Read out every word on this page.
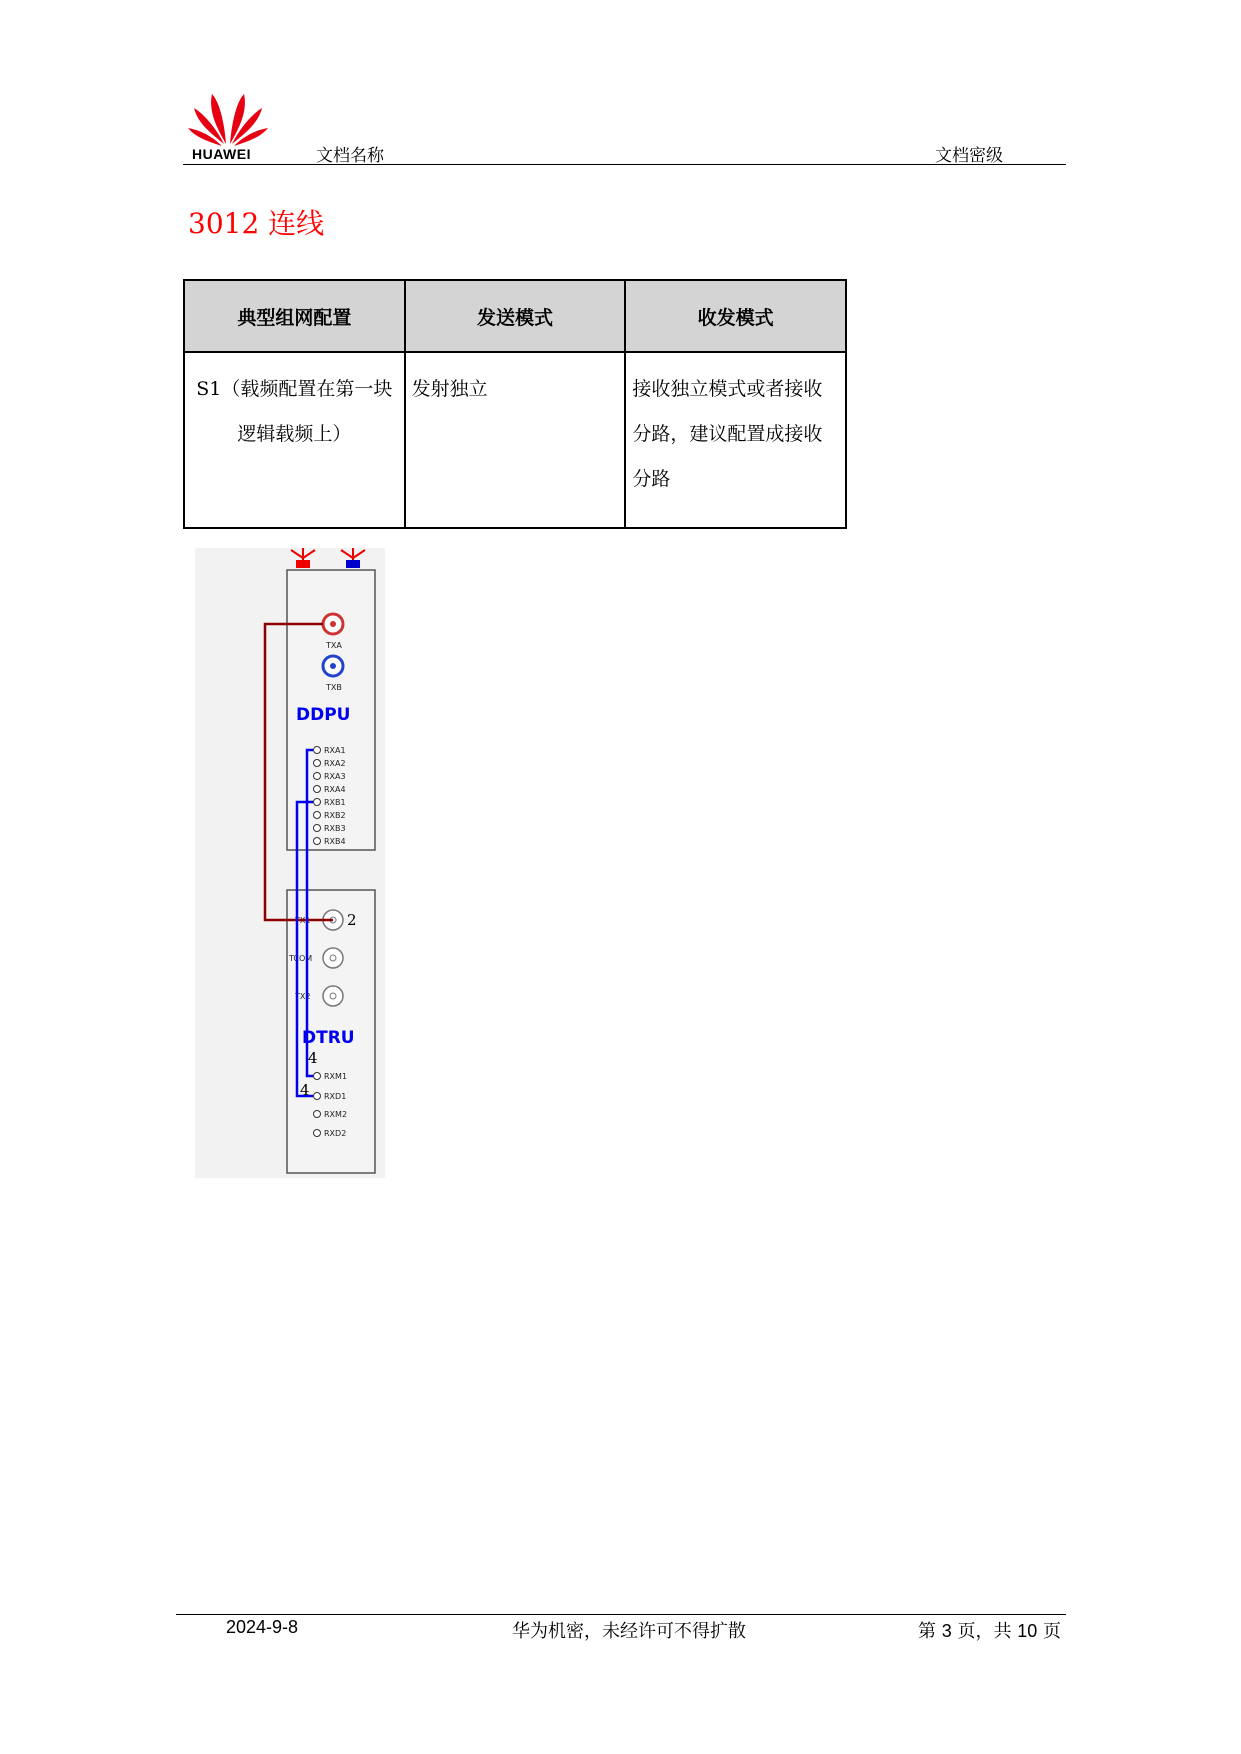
HUAWEI	文档名称	文档密级
3012 连线
典型组网配置	发送模式	收发模式
S1（载频配置在第一块逻辑载频上）	发射独立	接收独立模式或者接收分路，建议配置成接收分路
TXA
TXB
DDPU
RXA1
RXA2
RXA3
RXA4
RXB1
RXB2
RXB3
RXB4
TX1
TCOM
TX2
DTRU
RXM1
RXD1
RXM2
RXD2
2
4
4
2024-9-8	华为机密，未经许可不得扩散	第 3 页，共 10 页
